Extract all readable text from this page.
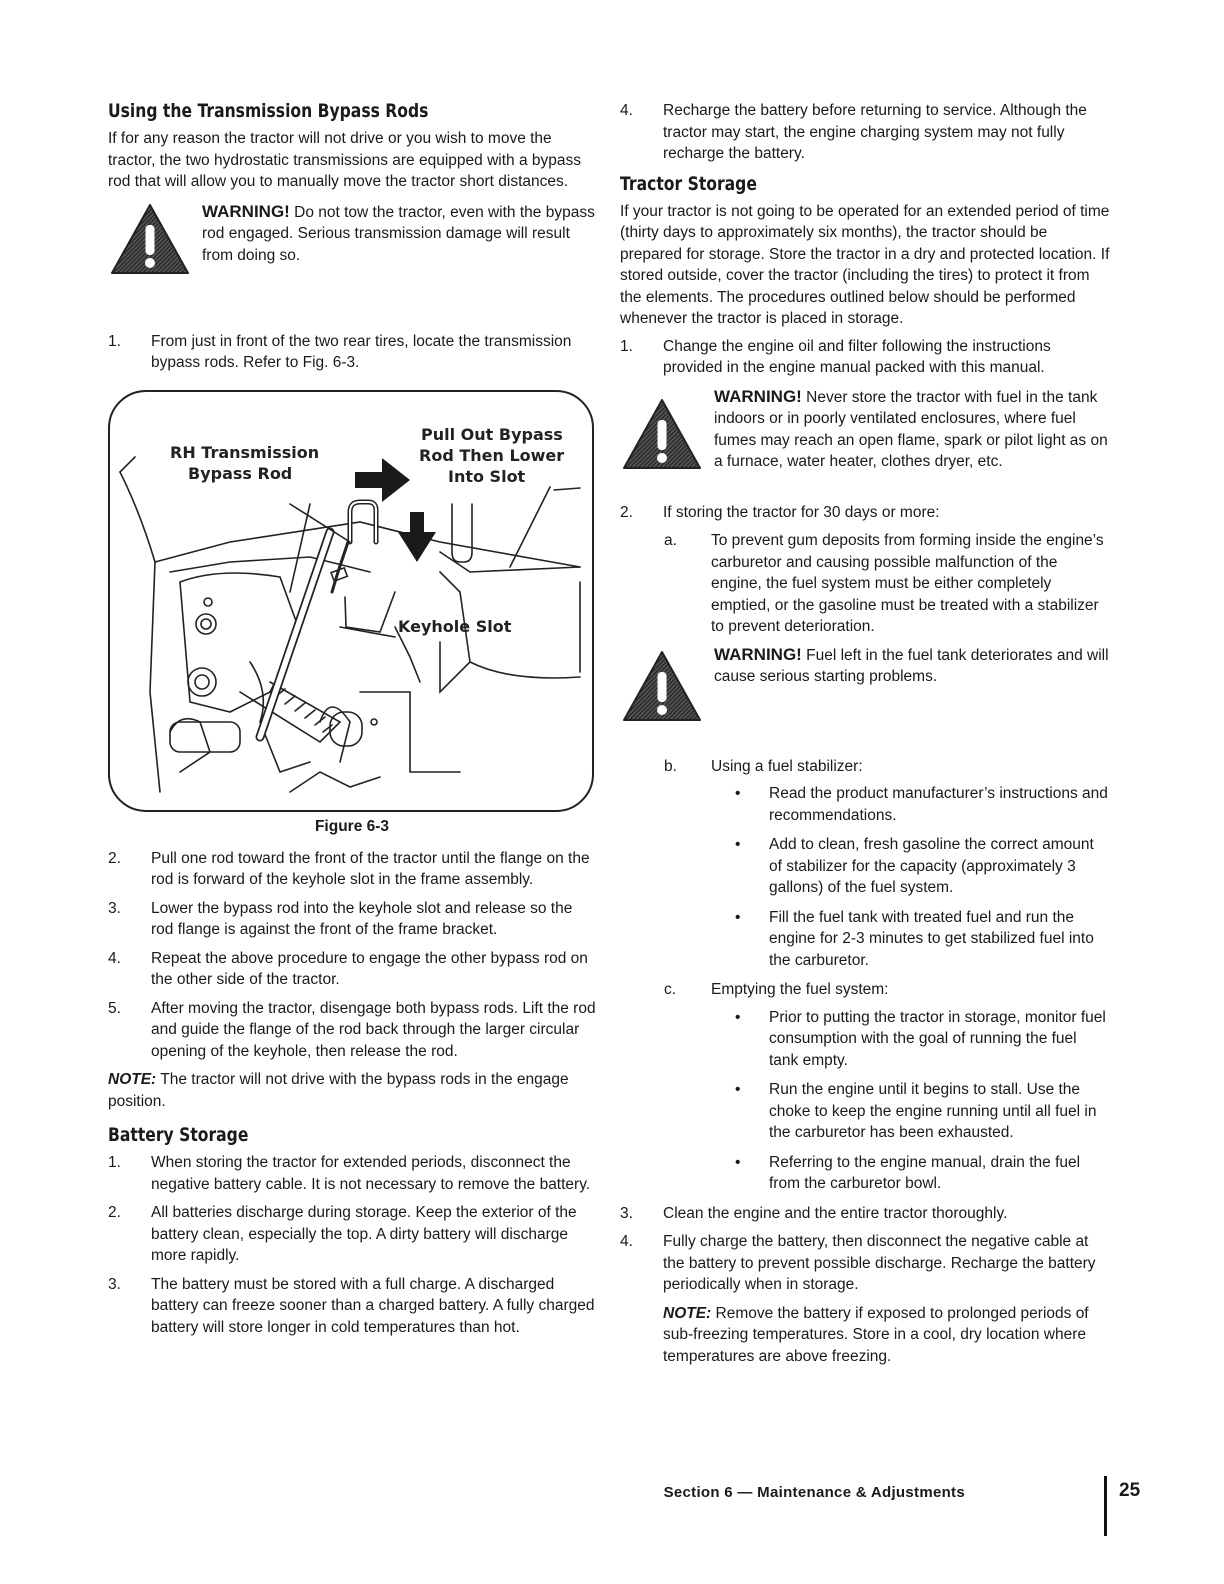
Using the Transmission Bypass Rods

If for any reason the tractor will not drive or you wish to move the tractor, the two hydrostatic transmissions are equipped with a bypass rod that will allow you to manually move the tractor short distances.

WARNING! Do not tow the tractor, even with the bypass rod engaged. Serious transmission damage will result from doing so.
1. From just in front of the two rear tires, locate the transmission bypass rods. Refer to Fig. 6-3.
RH Transmission
Bypass Rod
Pull Out Bypass
Rod Then Lower
Into Slot
Keyhole Slot
Figure 6-3
2. Pull one rod toward the front of the tractor until the flange on the rod is forward of the keyhole slot in the frame assembly.
3. Lower the bypass rod into the keyhole slot and release so the rod flange is against the front of the frame bracket.
4. Repeat the above procedure to engage the other bypass rod on the other side of the tractor.
5. After moving the tractor, disengage both bypass rods. Lift the rod and guide the flange of the rod back through the larger circular opening of the keyhole, then release the rod.

NOTE: The tractor will not drive with the bypass rods in the engage position.

Battery Storage
1. When storing the tractor for extended periods, disconnect the negative battery cable. It is not necessary to remove the battery.
2. All batteries discharge during storage. Keep the exterior of the battery clean, especially the top. A dirty battery will discharge more rapidly.
3. The battery must be stored with a full charge. A discharged battery can freeze sooner than a charged battery. A fully charged battery will store longer in cold temperatures than hot.
4. Recharge the battery before returning to service. Although the tractor may start, the engine charging system may not fully recharge the battery.
Tractor Storage

If your tractor is not going to be operated for an extended period of time (thirty days to approximately six months), the tractor should be prepared for storage. Store the tractor in a dry and protected location. If stored outside, cover the tractor (including the tires) to protect it from the elements. The procedures outlined below should be performed whenever the tractor is placed in storage.

1. Change the engine oil and filter following the instructions provided in the engine manual packed with this manual.
WARNING! Never store the tractor with fuel in the tank indoors or in poorly ventilated enclosures, where fuel fumes may reach an open flame, spark or pilot light as on a furnace, water heater, clothes dryer, etc.
2. If storing the tractor for 30 days or more:
a. To prevent gum deposits from forming inside the engine’s carburetor and causing possible malfunction of the engine, the fuel system must be either completely emptied, or the gasoline must be treated with a stabilizer to prevent deterioration.
WARNING! Fuel left in the fuel tank deteriorates and will cause serious starting problems.
b. Using a fuel stabilizer:
• Read the product manufacturer’s instructions and recommendations.
• Add to clean, fresh gasoline the correct amount of stabilizer for the capacity (approximately 3 gallons) of the fuel system.
• Fill the fuel tank with treated fuel and run the engine for 2-3 minutes to get stabilized fuel into the carburetor.
c. Emptying the fuel system:
• Prior to putting the tractor in storage, monitor fuel consumption with the goal of running the fuel tank empty.
• Run the engine until it begins to stall. Use the choke to keep the engine running until all fuel in the carburetor has been exhausted.
• Referring to the engine manual, drain the fuel from the carburetor bowl.
3. Clean the engine and the entire tractor thoroughly.
4. Fully charge the battery, then disconnect the negative cable at the battery to prevent possible discharge. Recharge the battery periodically when in storage.

NOTE: Remove the battery if exposed to prolonged periods of sub-freezing temperatures. Store in a cool, dry location where temperatures are above freezing.

Section 6 — Maintenance & Adjustments	25
